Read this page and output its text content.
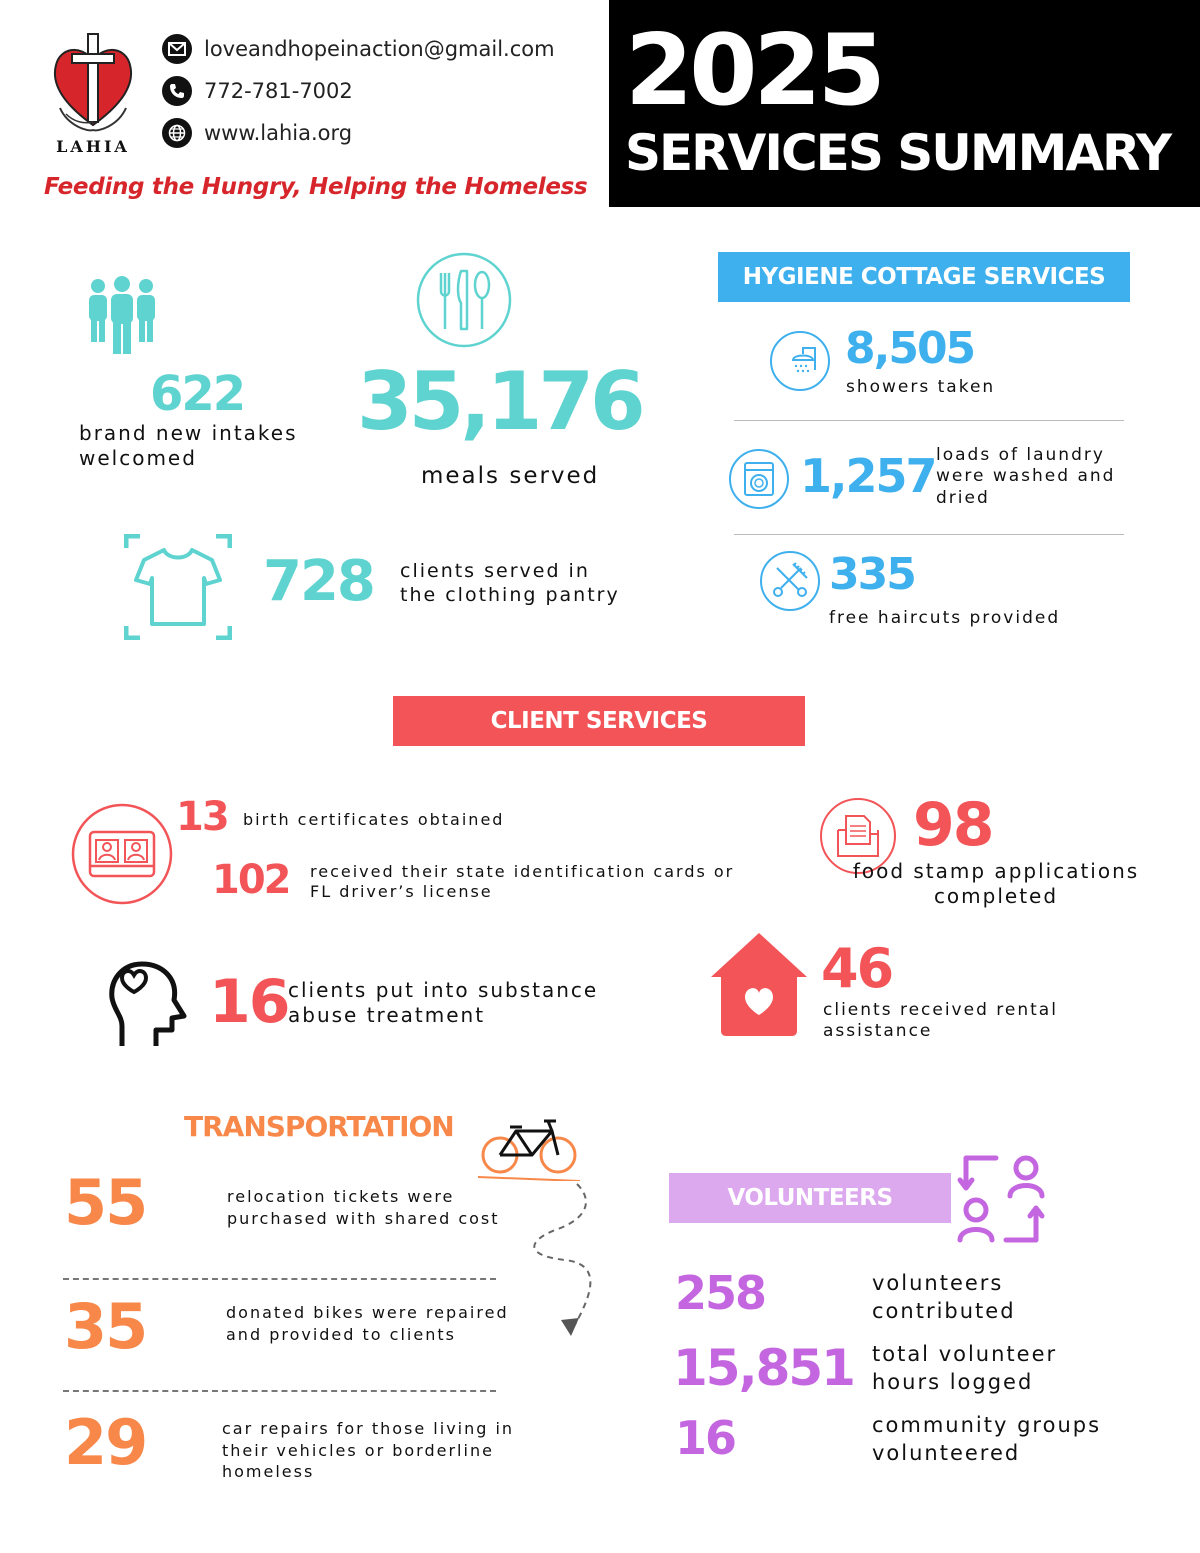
LAHIA
loveandhopeinaction@gmail.com
772-781-7002
www.lahia.org
Feeding the Hungry, Helping the Homeless
2025
SERVICES SUMMARY
622
brand new intakes welcomed
35,176
meals served
728 clients served in the clothing pantry
HYGIENE COTTAGE SERVICES
8,505
showers taken
1,257 loads of laundry were washed and dried
335
free haircuts provided
CLIENT SERVICES
13 birth certificates obtained
102 received their state identification cards or FL driver’s license
98
food stamp applications completed
16 clients put into substance abuse treatment
46
clients received rental assistance
TRANSPORTATION
55	relocation tickets were purchased with shared cost
35	donated bikes were repaired and provided to clients
29	car repairs for those living in their vehicles or borderline homeless
VOLUNTEERS
258	volunteers contributed
15,851 total volunteer hours logged
16	community groups volunteered
